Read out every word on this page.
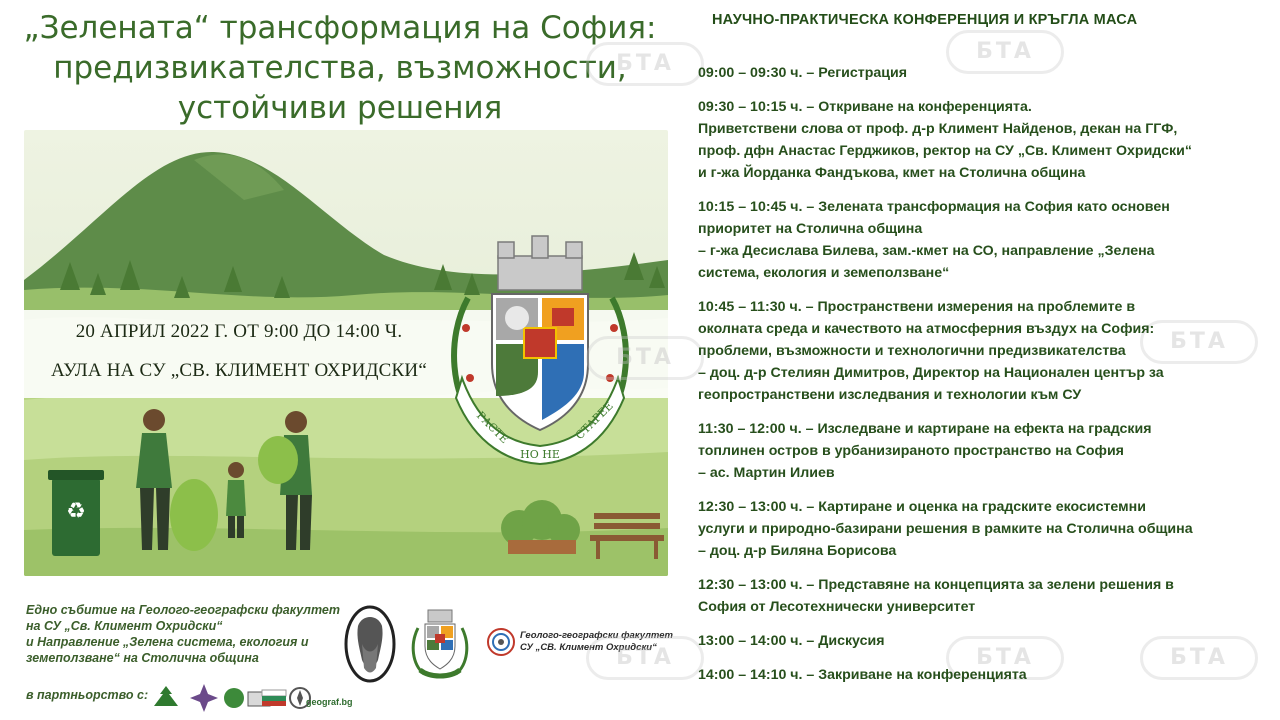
„Зелената“ трансформация на София:
предизвикателства, възможности,
устойчиви решения
♻
20 АПРИЛ 2022 Г. ОТ 9:00 ДО 14:00 Ч.
АУЛА НА СУ „СВ. КЛИМЕНТ ОХРИДСКИ“
РАСТЕ
НО НЕ
СТАРЕЕ
Едно събитие на Геолого-географски факултет
на СУ „Св. Климент Охридски“
и Направление „Зелена система, екология и
земеползване“ на Столична община
в партньорство с:
Геолого-географски факултет
СУ „СВ. Климент Охридски“
geograf.bg
БТА
БТА
БТА
БТА
БТА
БТА	БТА
НАУЧНО-ПРАКТИЧЕСКА КОНФЕРЕНЦИЯ И КРЪГЛА МАСА
09:00 – 09:30 ч. – Регистрация
09:30 – 10:15 ч. – Откриване на конференцията.
Приветствени слова от проф. д-р Климент Найденов, декан на ГГФ,
проф. дфн Анастас Герджиков, ректор на СУ „Св. Климент Охридски“
и г-жа Йорданка Фандъкова, кмет на Столична община
10:15 – 10:45 ч. – Зелената трансформация на София като основен
приоритет на Столична община
– г-жа Десислава Билева, зам.-кмет на СО, направление „Зелена
система, екология и земеползване“
10:45 – 11:30 ч. – Пространствени измерения на проблемите в
околната среда и качеството на атмосферния въздух на София:
проблеми, възможности и технологични предизвикателства
– доц. д-р Стелиян Димитров, Директор на Национален център за
геопространствени изследвания и технологии към СУ
11:30 – 12:00 ч. – Изследване и картиране на ефекта на градския
топлинен остров в урбанизираното пространство на София
– ас. Мартин Илиев
12:30 – 13:00 ч. – Картиране и оценка на градските екосистемни
услуги и природно-базирани решения в рамките на Столична община
– доц. д-р Биляна Борисова
12:30 – 13:00 ч. – Представяне на концепцията за зелени решения в
София от Лесотехнически университет
13:00 – 14:00 ч. – Дискусия
14:00 – 14:10 ч. – Закриване на конференцията
